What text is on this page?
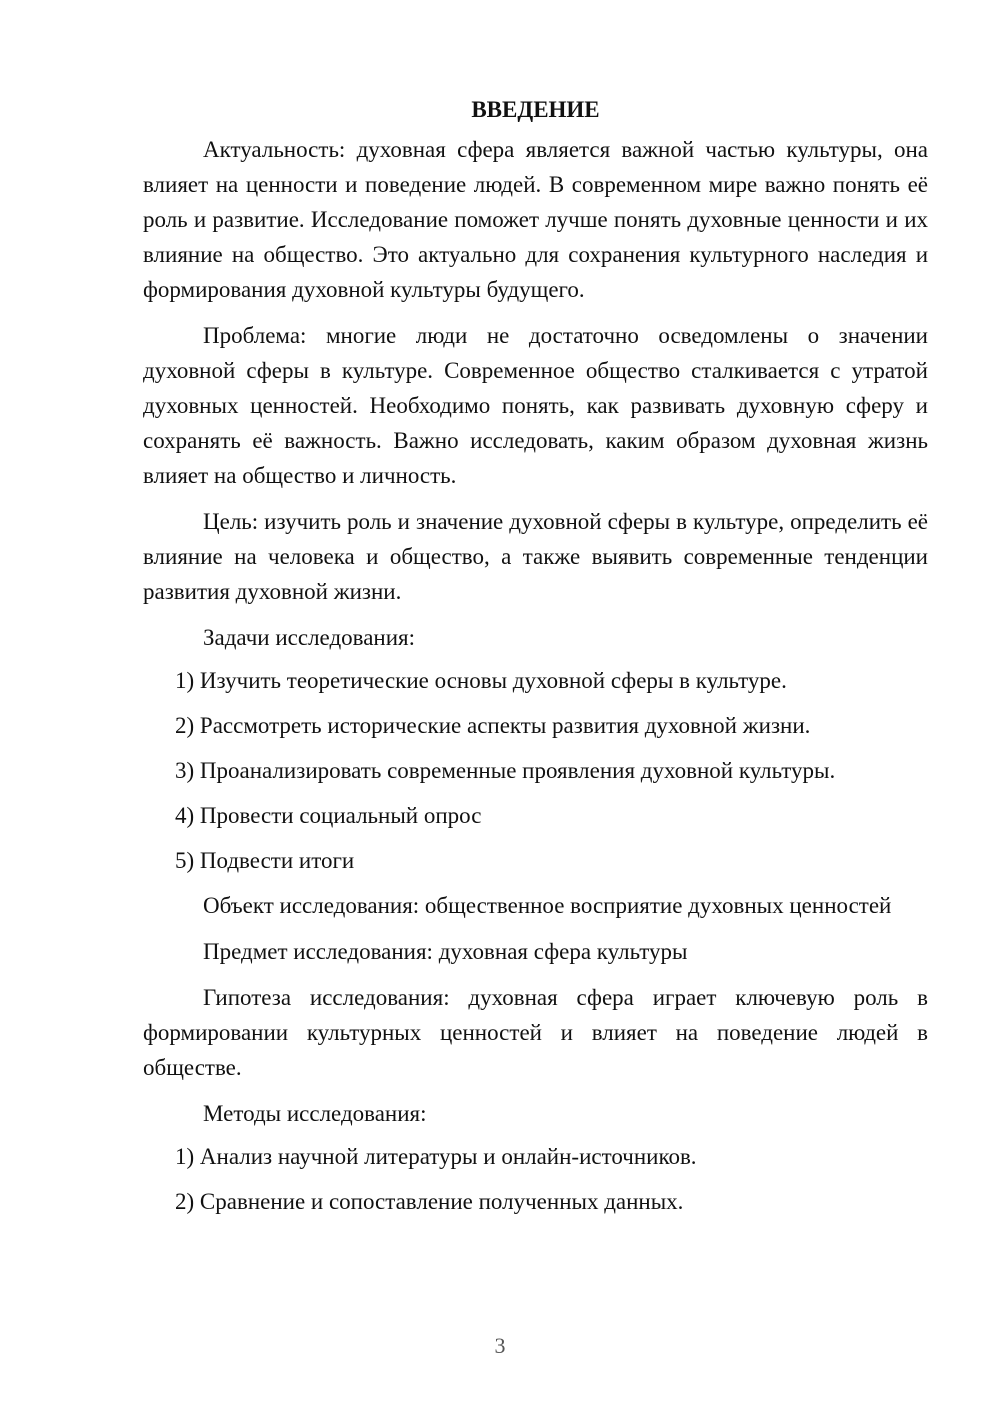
ВВЕДЕНИЕ

Актуальность: духовная сфера является важной частью культуры, она влияет на ценности и поведение людей. В современном мире важно понять её роль и развитие. Исследование поможет лучше понять духовные ценности и их влияние на общество. Это актуально для сохранения культурного наследия и формирования духовной культуры будущего.

Проблема: многие люди не достаточно осведомлены о значении духовной сферы в культуре. Современное общество сталкивается с утратой духовных ценностей. Необходимо понять, как развивать духовную сферу и сохранять её важность. Важно исследовать, каким образом духовная жизнь влияет на общество и личность.

Цель: изучить роль и значение духовной сферы в культуре, определить её влияние на человека и общество, а также выявить современные тенденции развития духовной жизни.

Задачи исследования:

1) Изучить теоретические основы духовной сферы в культуре.
2) Рассмотреть исторические аспекты развития духовной жизни.
3) Проанализировать современные проявления духовной культуры.
4) Провести социальный опрос
5) Подвести итоги

Объект исследования: общественное восприятие духовных ценностей

Предмет исследования: духовная сфера культуры

Гипотеза исследования: духовная сфера играет ключевую роль в формировании культурных ценностей и влияет на поведение людей в обществе.

Методы исследования:

1) Анализ научной литературы и онлайн-источников.
2) Сравнение и сопоставление полученных данных.
3
